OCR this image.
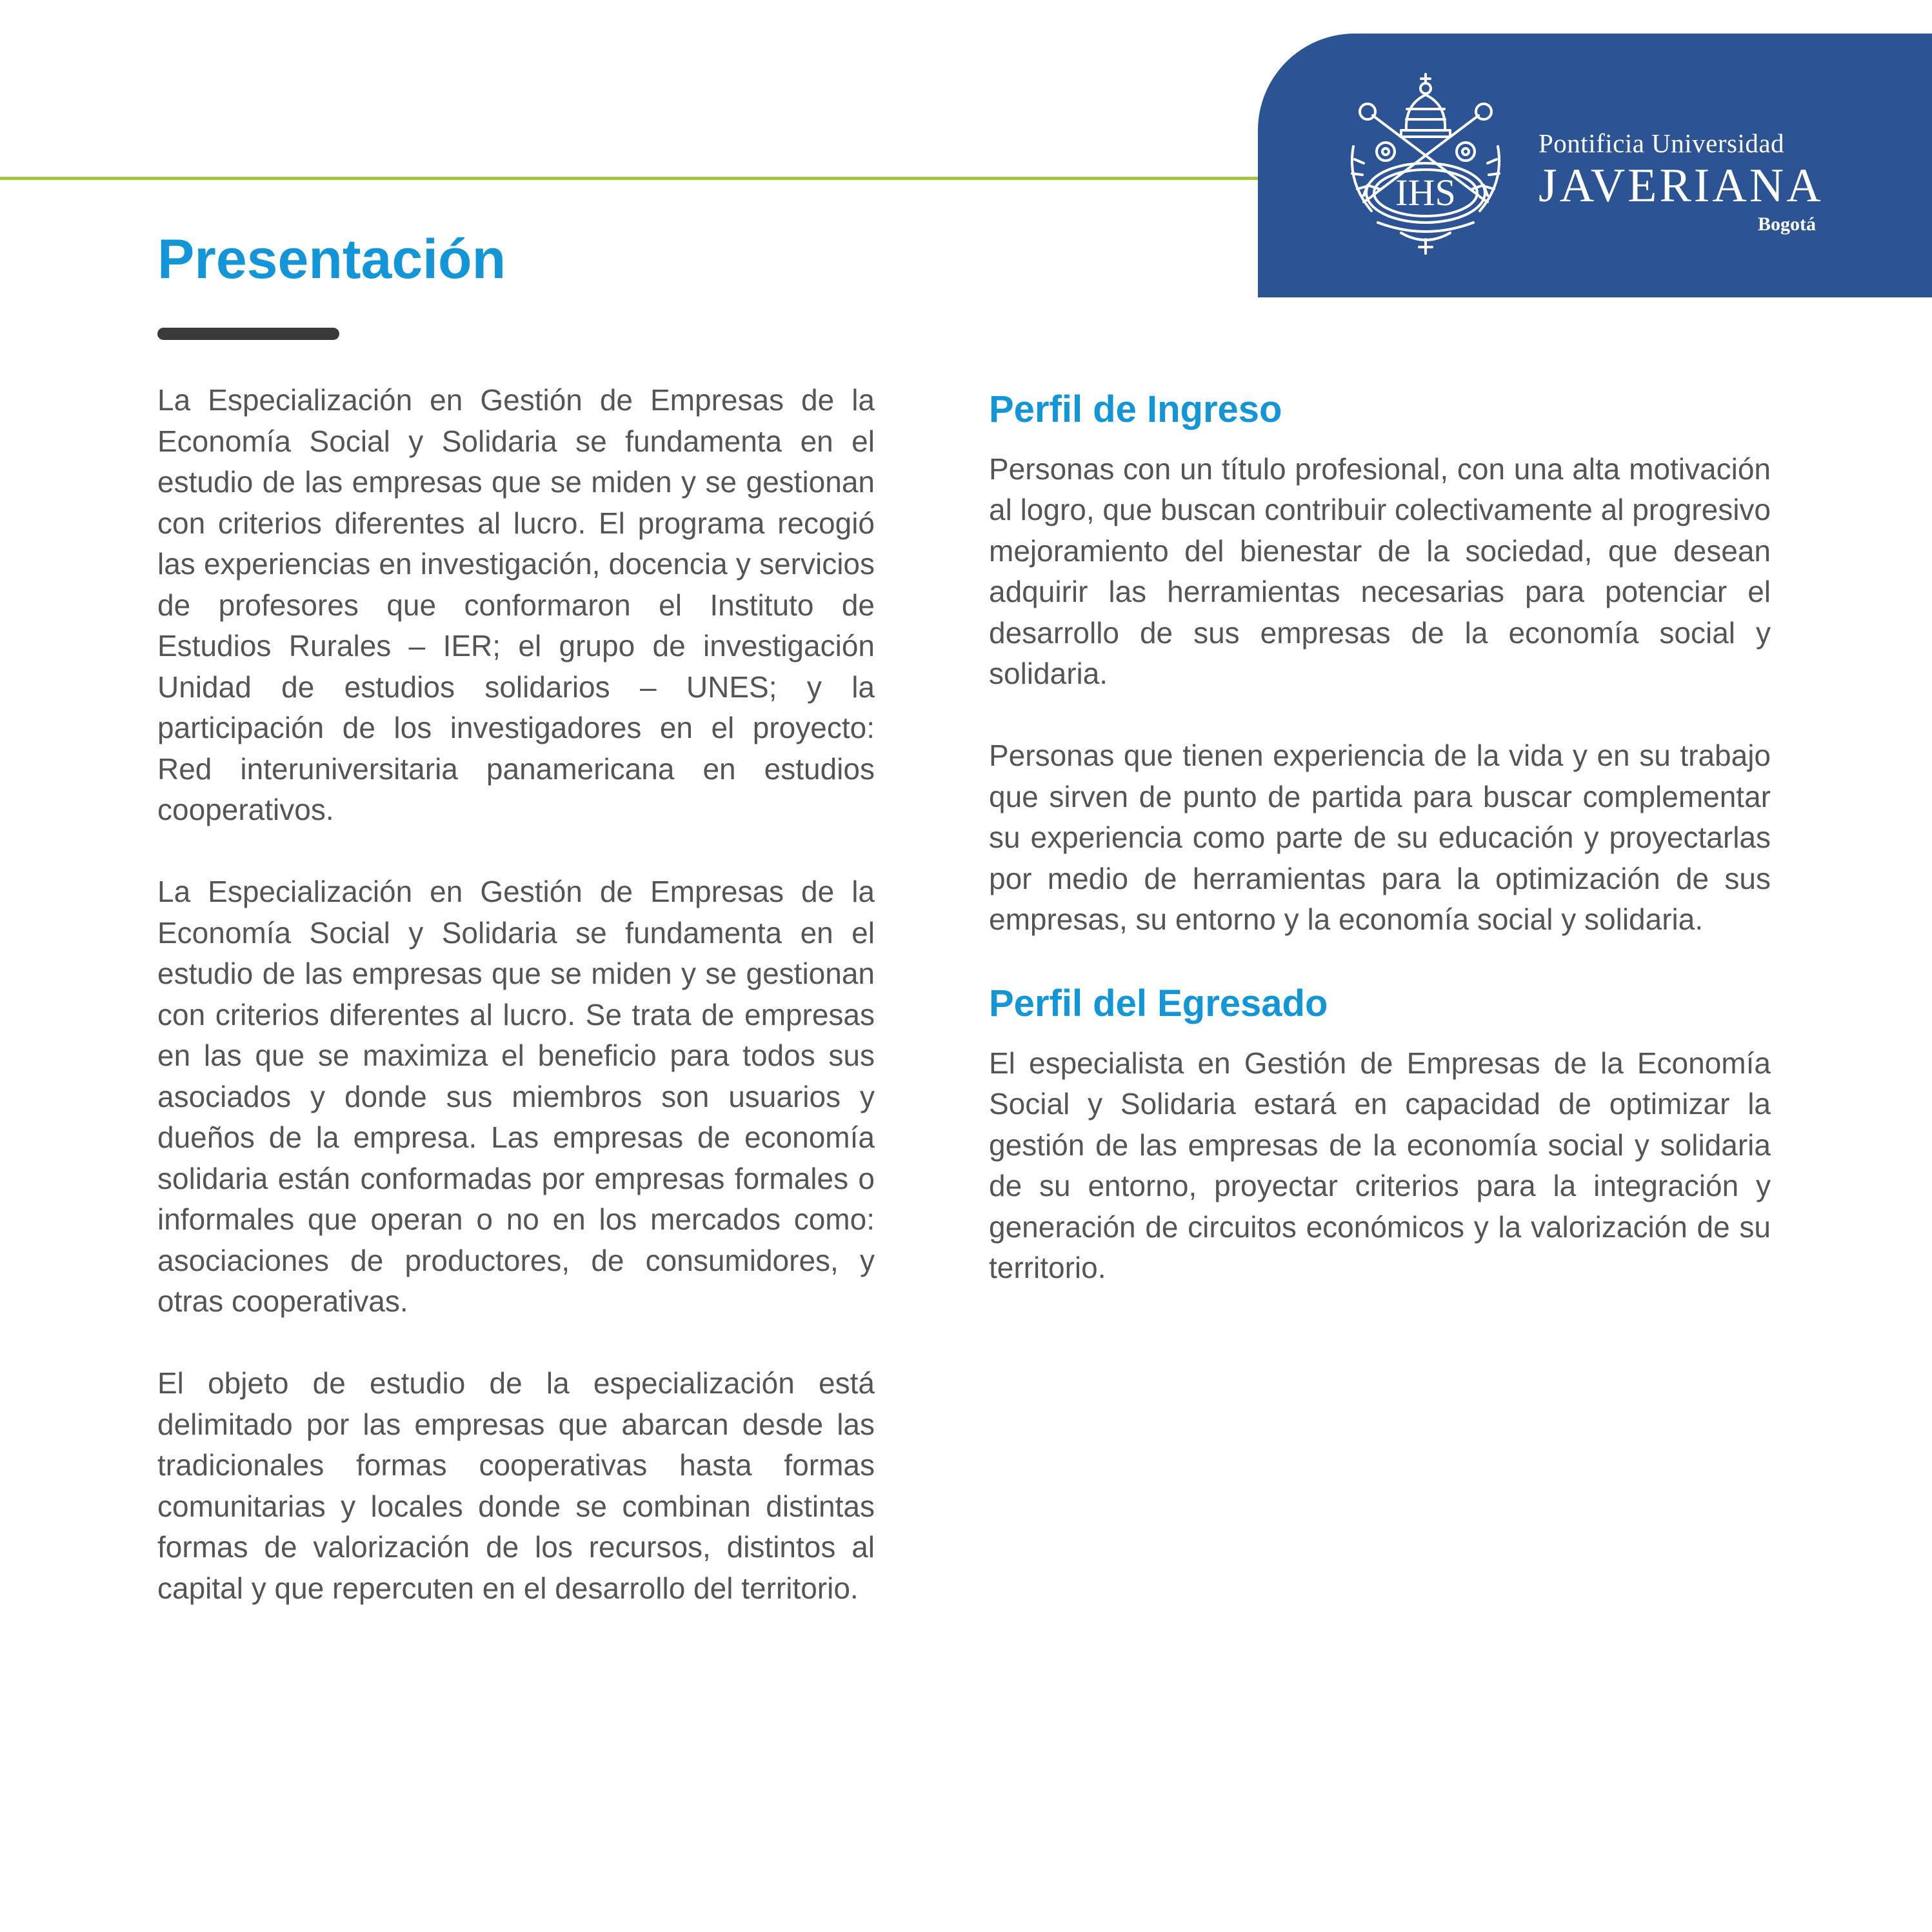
IHS
Pontificia Universidad
JAVERIANA
Bogotá
Presentación

La Especialización en Gestión de Empresas de la Economía Social y Solidaria se fundamenta en el estudio de las empresas que se miden y se gestionan con criterios diferentes al lucro. El programa recogió las experiencias en investigación, docencia y servicios de profesores que conformaron el Instituto de Estudios Rurales – IER; el grupo de investigación Unidad de estudios solidarios – UNES; y la participación de los investigadores en el proyecto: Red interuniversitaria panamericana en estudios cooperativos.

La Especialización en Gestión de Empresas de la Economía Social y Solidaria se fundamenta en el estudio de las empresas que se miden y se gestionan con criterios diferentes al lucro. Se trata de empresas en las que se maximiza el beneficio para todos sus asociados y donde sus miembros son usuarios y dueños de la empresa. Las empresas de economía solidaria están conformadas por empresas formales o informales que operan o no en los mercados como: asociaciones de productores, de consumidores, y otras cooperativas.

El objeto de estudio de la especialización está delimitado por las empresas que abarcan desde las tradicionales formas cooperativas hasta formas comunitarias y locales donde se combinan distintas formas de valorización de los recursos, distintos al capital y que repercuten en el desarrollo del territorio.

Perfil de Ingreso

Personas con un título profesional, con una alta motivación al logro, que buscan contribuir colectivamente al progresivo mejoramiento del bienestar de la sociedad, que desean adquirir las herramientas necesarias para potenciar el desarrollo de sus empresas de la economía social y solidaria.

Personas que tienen experiencia de la vida y en su trabajo que sirven de punto de partida para buscar complementar su experiencia como parte de su educación y proyectarlas por medio de herramientas para la optimización de sus empresas, su entorno y la economía social y solidaria.

Perfil del Egresado

El especialista en Gestión de Empresas de la Economía Social y Solidaria estará en capacidad de optimizar la gestión de las empresas de la economía social y solidaria de su entorno, proyectar criterios para la integración y generación de circuitos económicos y la valorización de su territorio.
